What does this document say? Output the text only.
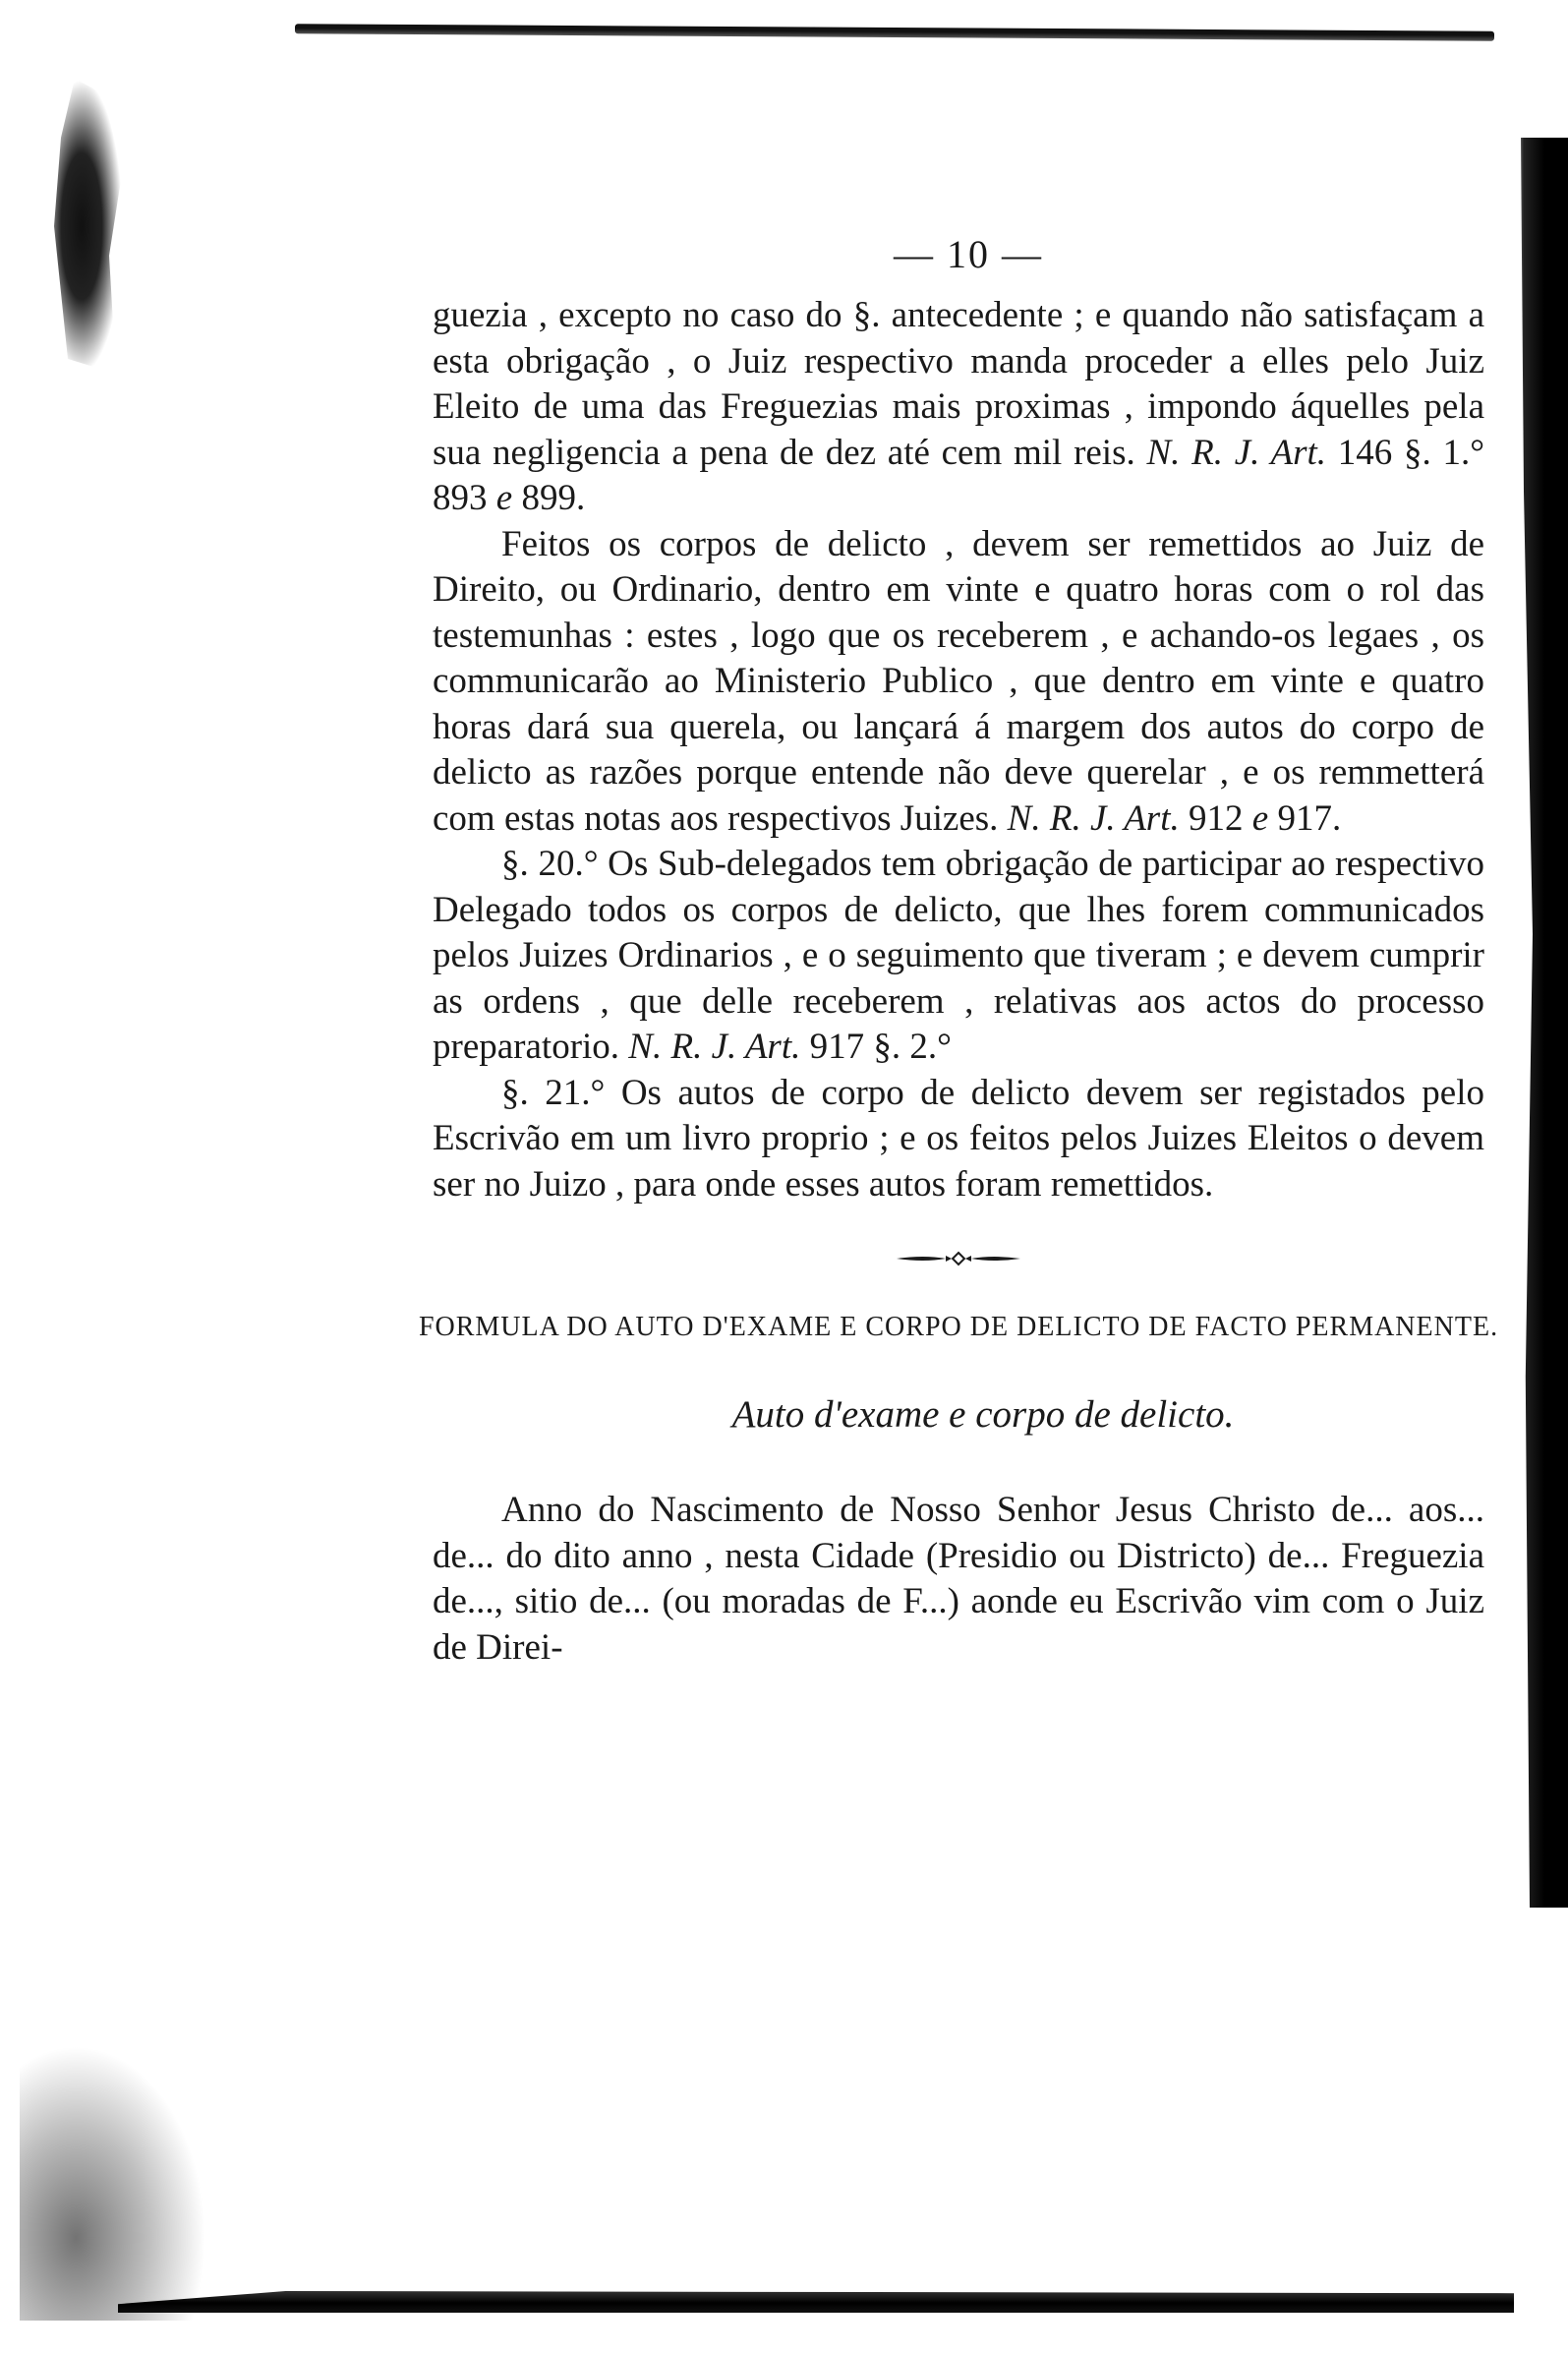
— 10 —

guezia , excepto no caso do §. antecedente ; e quando não satisfaçam a esta obrigação , o Juiz respectivo manda proceder a elles pelo Juiz Eleito de uma das Freguezias mais proximas , impondo áquelles pela sua negligencia a pena de dez até cem mil reis. N. R. J. Art. 146 §. 1.° 893 e 899.

Feitos os corpos de delicto , devem ser remettidos ao Juiz de Direito, ou Ordinario, dentro em vinte e quatro horas com o rol das testemunhas : estes , logo que os receberem , e achando-os legaes , os communicarão ao Ministerio Publico , que dentro em vinte e quatro horas dará sua querela, ou lançará á margem dos autos do corpo de delicto as razões porque entende não deve querelar , e os remmetterá com estas notas aos respectivos Juizes. N. R. J. Art. 912 e 917.

§. 20.° Os Sub-delegados tem obrigação de participar ao respectivo Delegado todos os corpos de delicto, que lhes forem communicados pelos Juizes Ordinarios , e o seguimento que tiveram ; e devem cumprir as ordens , que delle receberem , relativas aos actos do processo preparatorio. N. R. J. Art. 917 §. 2.°

§. 21.° Os autos de corpo de delicto devem ser registados pelo Escrivão em um livro proprio ; e os feitos pelos Juizes Eleitos o devem ser no Juizo , para onde esses autos foram remettidos.

FORMULA DO AUTO D'EXAME E CORPO DE DELICTO DE FACTO PERMANENTE.
Auto d'exame e corpo de delicto.

Anno do Nascimento de Nosso Senhor Jesus Christo de... aos... de... do dito anno , nesta Cidade (Presidio ou Districto) de... Freguezia de..., sitio de... (ou moradas de F...) aonde eu Escrivão vim com o Juiz de Direi-
